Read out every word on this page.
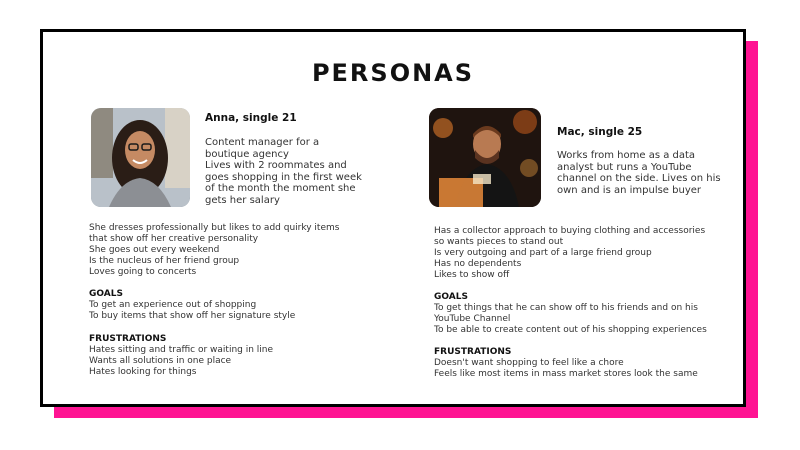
PERSONAS
Anna, single 21
Content manager for a
boutique agency
Lives with 2 roommates and
goes shopping in the first week
of the month the moment she
gets her salary
She dresses professionally but likes to add quirky items
that show off her creative personality
She goes out every weekend
Is the nucleus of her friend group
Loves going to concerts
GOALS
To get an experience out of shopping
To buy items that show off her signature style
FRUSTRATIONS
Hates sitting and traffic or waiting in line
Wants all solutions in one place
Hates looking for things
Mac, single 25
Works from home as a data
analyst but runs a YouTube
channel on the side. Lives on his
own and is an impulse buyer
Has a collector approach to buying clothing and accessories
so wants pieces to stand out
Is very outgoing and part of a large friend group
Has no dependents
Likes to show off
GOALS
To get things that he can show off to his friends and on his
YouTube Channel
To be able to create content out of his shopping experiences
FRUSTRATIONS
Doesn't want shopping to feel like a chore
Feels like most items in mass market stores look the same
